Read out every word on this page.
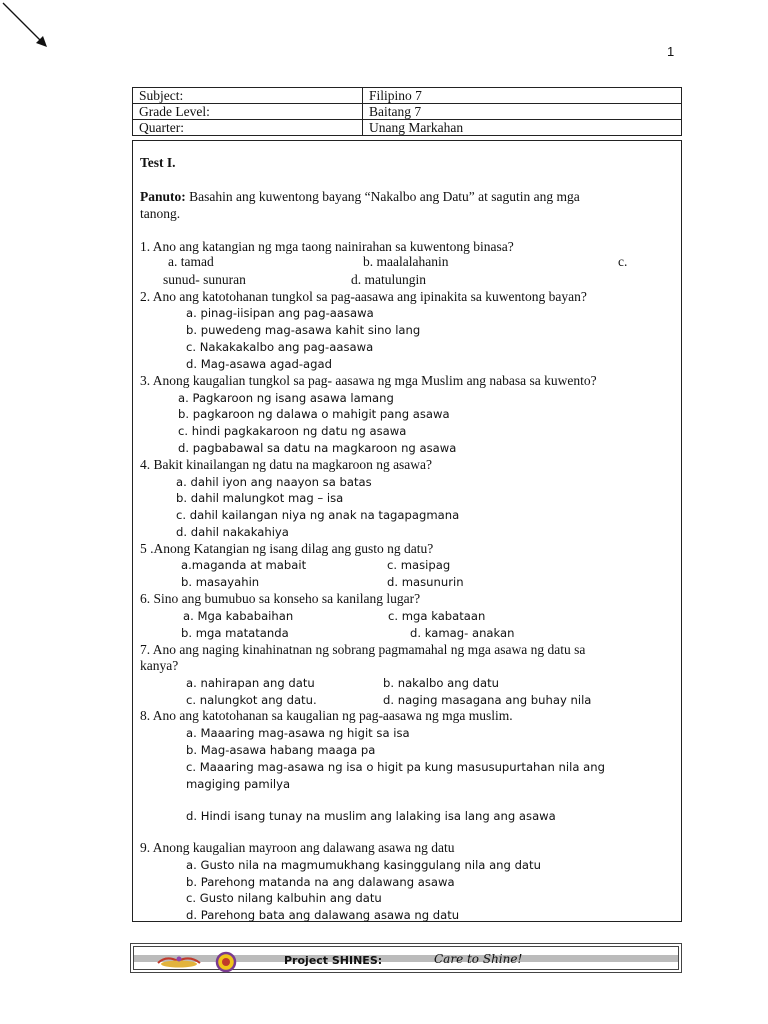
1
Subject:	Filipino 7
Grade Level:	Baitang 7
Quarter:	Unang Markahan
Test I.
Panuto: Basahin ang kuwentong bayang “Nakalbo ang Datu” at sagutin ang mga
tanong.
1. Ano ang katangian ng mga taong nainirahan sa kuwentong binasa?
a. tamad	b. maalalahanin	c.
sunud- sunuran	d. matulungin
2. Ano ang katotohanan tungkol sa pag-aasawa ang ipinakita sa kuwentong bayan?
a. pinag-iisipan ang pag-aasawa
b. puwedeng mag-asawa kahit sino lang
c. Nakakakalbo ang pag-aasawa
d. Mag-asawa agad-agad
3. Anong kaugalian tungkol sa pag- aasawa ng mga Muslim ang nabasa sa kuwento?
a. Pagkaroon ng isang asawa lamang
b. pagkaroon ng dalawa o mahigit pang asawa
c. hindi pagkakaroon ng datu ng asawa
d. pagbabawal sa datu na magkaroon ng asawa
4. Bakit kinailangan ng datu na magkaroon ng asawa?
a. dahil iyon ang naayon sa batas
b. dahil malungkot mag – isa
c. dahil kailangan niya ng anak na tagapagmana
d. dahil nakakahiya
5 .Anong Katangian ng isang dilag ang gusto ng datu?
a.maganda at mabait	c. masipag
b. masayahin	d. masunurin
6. Sino ang bumubuo sa konseho sa kanilang lugar?
a. Mga kababaihan	c. mga kabataan
b. mga matatanda	d. kamag- anakan
7. Ano ang naging kinahinatnan ng sobrang pagmamahal ng mga asawa ng datu sa
kanya?
a. nahirapan ang datu	b. nakalbo ang datu
c. nalungkot ang datu.	d. naging masagana ang buhay nila
8. Ano ang katotohanan sa kaugalian ng pag-aasawa ng mga muslim.
a. Maaaring mag-asawa ng higit sa isa
b. Mag-asawa habang maaga pa
c. Maaaring mag-asawa ng isa o higit pa kung masusupurtahan nila ang
magiging pamilya
d. Hindi isang tunay na muslim ang lalaking isa lang ang asawa
9. Anong kaugalian mayroon ang dalawang asawa ng datu
a. Gusto nila na magmumukhang kasinggulang nila ang datu
b. Parehong matanda na ang dalawang asawa
c. Gusto nilang kalbuhin ang datu
d. Parehong bata ang dalawang asawa ng datu
Project SHINES:	Care to Shine!
